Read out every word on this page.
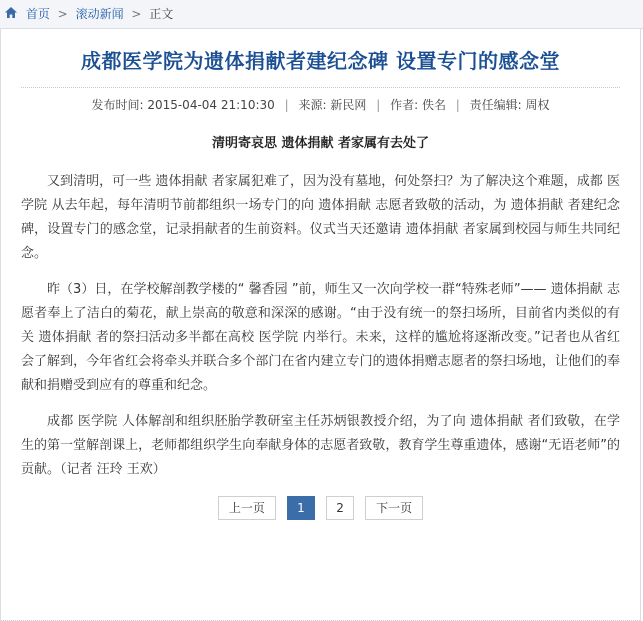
首页 > 滚动新闻 > 正文
成都医学院为遗体捐献者建纪念碑 设置专门的感念堂
发布时间: 2015-04-04 21:10:30 | 来源: 新民网 | 作者: 佚名 | 责任编辑: 周权
清明寄哀思 遗体捐献 者家属有去处了

又到清明，可一些 遗体捐献 者家属犯难了，因为没有墓地，何处祭扫？为了解决这个难题，成都 医学院 从去年起，每年清明节前都组织一场专门的向 遗体捐献 志愿者致敬的活动，为 遗体捐献 者建纪念碑，设置专门的感念堂，记录捐献者的生前资料。仪式当天还邀请 遗体捐献 者家属到校园与师生共同纪念。

昨（3）日，在学校解剖教学楼的“ 馨香园 ”前，师生又一次向学校一群“特殊老师”—— 遗体捐献 志愿者奉上了洁白的菊花，献上崇高的敬意和深深的感谢。“由于没有统一的祭扫场所，目前省内类似的有关 遗体捐献 者的祭扫活动多半都在高校 医学院 内举行。未来，这样的尴尬将逐渐改变。”记者也从省红会了解到，今年省红会将牵头并联合多个部门在省内建立专门的遗体捐赠志愿者的祭扫场地，让他们的奉献和捐赠受到应有的尊重和纪念。

成都 医学院 人体解剖和组织胚胎学教研室主任苏炳银教授介绍，为了向 遗体捐献 者们致敬，在学生的第一堂解剖课上，老师都组织学生向奉献身体的志愿者致敬，教育学生尊重遗体，感谢“无语老师”的贡献。（记者 汪玲 王欢）

上一页	1	2	下一页
